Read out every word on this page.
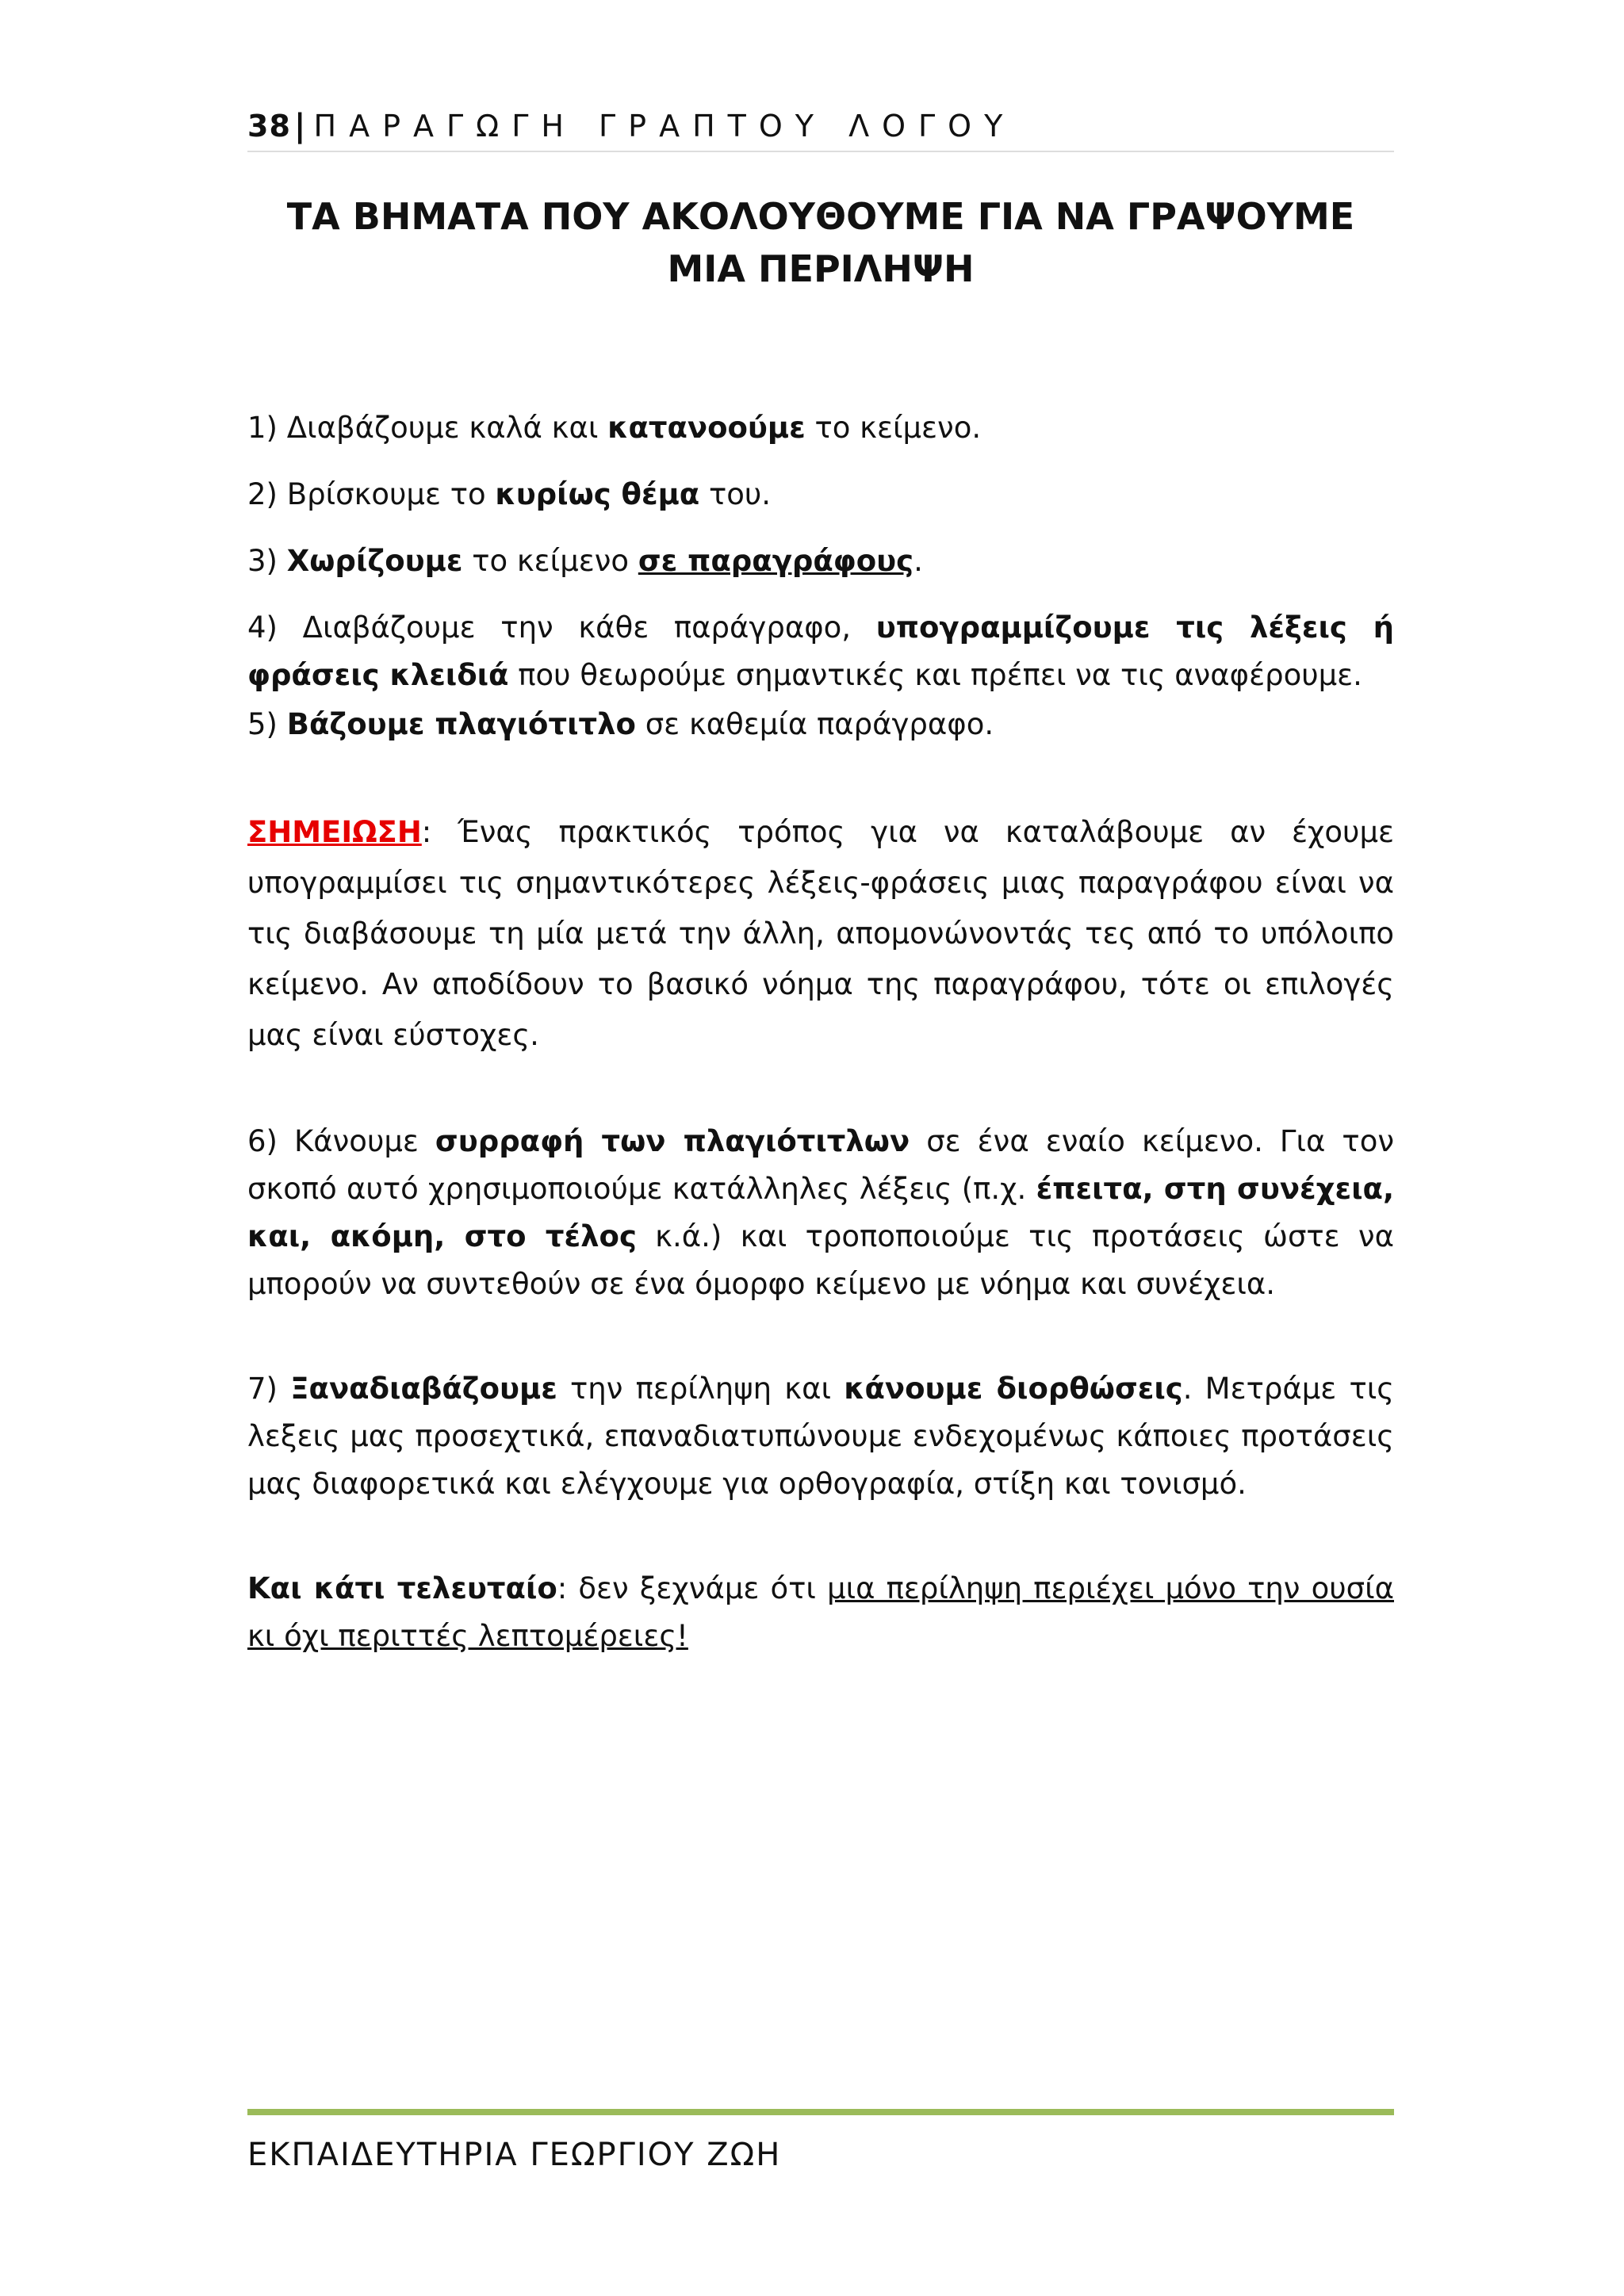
38 | ΠΑΡΑΓΩΓΗ ΓΡΑΠΤΟΥ ΛΟΓΟΥ
ΤΑ ΒΗΜΑΤΑ ΠΟΥ ΑΚΟΛΟΥΘΟΥΜΕ ΓΙΑ ΝΑ ΓΡΑΨΟΥΜΕ
ΜΙΑ ΠΕΡΙΛΗΨΗ

1) Διαβάζουμε καλά και κατανοούμε το κείμενο.

2) Βρίσκουμε το κυρίως θέμα του.

3) Χωρίζουμε το κείμενο σε παραγράφους.

4) Διαβάζουμε την κάθε παράγραφο, υπογραμμίζουμε τις λέξεις ή φράσεις κλειδιά που θεωρούμε σημαντικές και πρέπει να τις αναφέρουμε.

5) Βάζουμε πλαγιότιτλο σε καθεμία παράγραφο.

ΣΗΜΕΙΩΣΗ: Ένας πρακτικός τρόπος για να καταλάβουμε αν έχουμε υπογραμμίσει τις σημαντικότερες λέξεις-φράσεις μιας παραγράφου είναι να τις διαβάσουμε τη μία μετά την άλλη, απομονώνοντάς τες από το υπόλοιπο κείμενο. Αν αποδίδουν το βασικό νόημα της παραγράφου, τότε οι επιλογές μας είναι εύστοχες.

6) Κάνουμε συρραφή των πλαγιότιτλων σε ένα εναίο κείμενο. Για τον σκοπό αυτό χρησιμοποιούμε κατάλληλες λέξεις (π.χ. έπειτα, στη συνέχεια, και, ακόμη, στο τέλος κ.ά.) και τροποποιούμε τις προτάσεις ώστε να μπορούν να συντεθούν σε ένα όμορφο κείμενο με νόημα και συνέχεια.

7) Ξαναδιαβάζουμε την περίληψη και κάνουμε διορθώσεις. Μετράμε τις λεξεις μας προσεχτικά, επαναδιατυπώνουμε ενδεχομένως κάποιες προτάσεις μας διαφορετικά και ελέγχουμε για ορθογραφία, στίξη και τονισμό.

Και κάτι τελευταίο: δεν ξεχνάμε ότι μια περίληψη περιέχει μόνο την ουσία κι όχι περιττές λεπτομέρειες!

ΕΚΠΑΙΔΕΥΤΗΡΙΑ ΓΕΩΡΓΙΟΥ ΖΩΗ
